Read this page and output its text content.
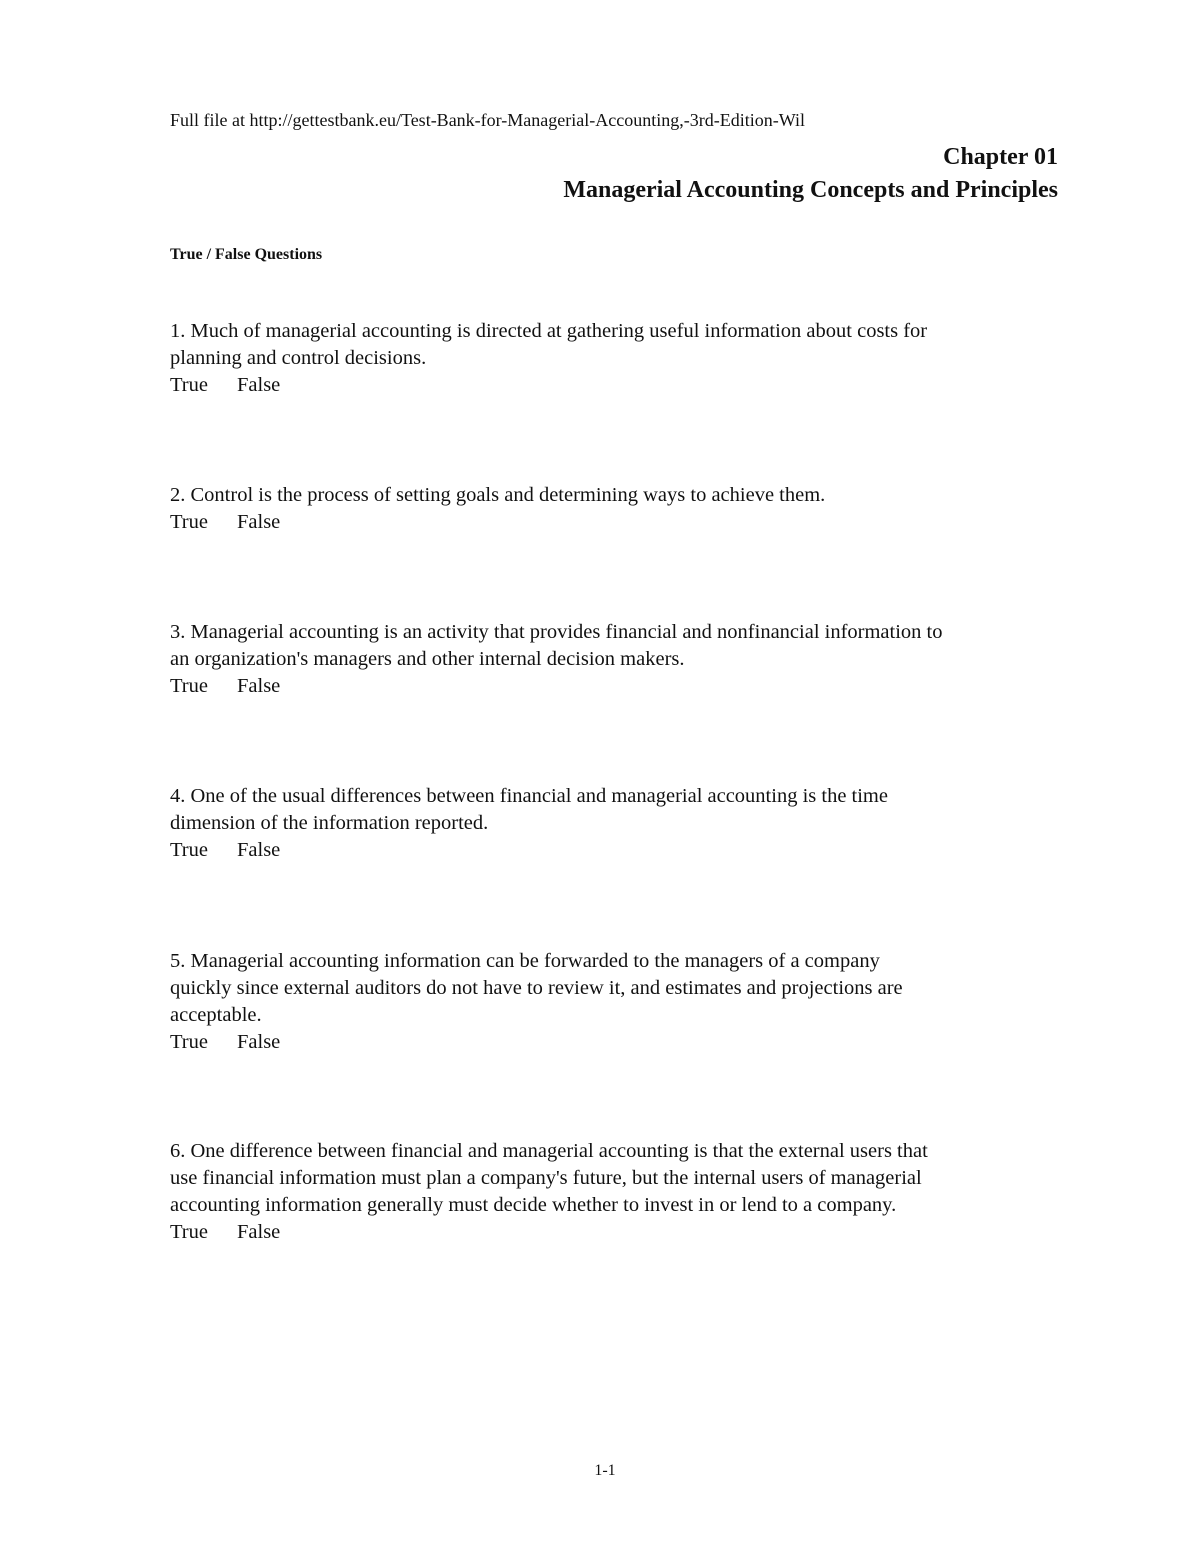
Full file at http://gettestbank.eu/Test-Bank-for-Managerial-Accounting,-3rd-Edition-Wil
Chapter 01
Managerial Accounting Concepts and Principles
True / False Questions
1. Much of managerial accounting is directed at gathering useful information about costs for
planning and control decisions.
True False
2. Control is the process of setting goals and determining ways to achieve them.
True False
3. Managerial accounting is an activity that provides financial and nonfinancial information to
an organization's managers and other internal decision makers.
True False
4. One of the usual differences between financial and managerial accounting is the time
dimension of the information reported.
True False
5. Managerial accounting information can be forwarded to the managers of a company
quickly since external auditors do not have to review it, and estimates and projections are
acceptable.
True False
6. One difference between financial and managerial accounting is that the external users that
use financial information must plan a company's future, but the internal users of managerial
accounting information generally must decide whether to invest in or lend to a company.
True False
1-1
